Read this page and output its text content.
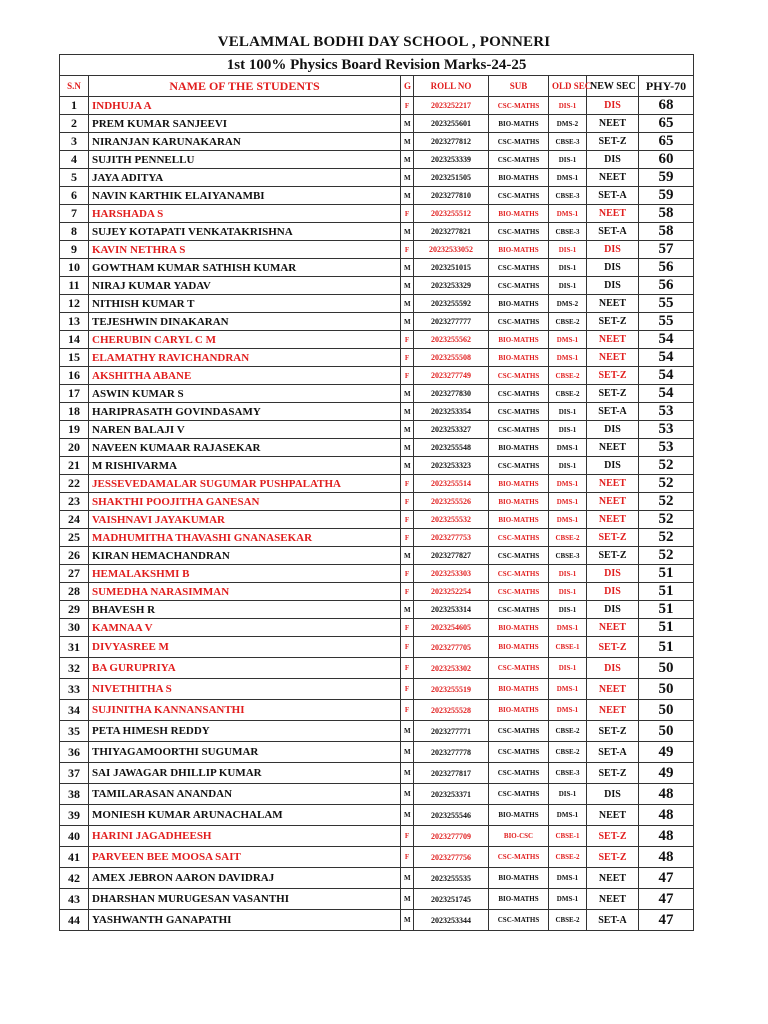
VELAMMAL BODHI DAY SCHOOL , PONNERI
1st 100% Physics Board Revision Marks-24-25							
S.N	NAME OF THE STUDENTS	G	ROLL NO	SUB	OLD SEC	NEW SEC	PHY-70
1	INDHUJA A	F	2023252217	CSC-MATHS	DIS-1	DIS	68
2	PREM KUMAR SANJEEVI	M	2023255601	BIO-MATHS	DMS-2	NEET	65
3	NIRANJAN KARUNAKARAN	M	2023277812	CSC-MATHS	CBSE-3	SET-Z	65
4	SUJITH PENNELLU	M	2023253339	CSC-MATHS	DIS-1	DIS	60
5	JAYA ADITYA	M	2023251505	BIO-MATHS	DMS-1	NEET	59
6	NAVIN KARTHIK ELAIYANAMBI	M	2023277810	CSC-MATHS	CBSE-3	SET-A	59
7	HARSHADA S	F	2023255512	BIO-MATHS	DMS-1	NEET	58
8	SUJEY KOTAPATI VENKATAKRISHNA	M	2023277821	CSC-MATHS	CBSE-3	SET-A	58
9	KAVIN NETHRA S	F	20232533052	BIO-MATHS	DIS-1	DIS	57
10	GOWTHAM KUMAR SATHISH KUMAR	M	2023251015	CSC-MATHS	DIS-1	DIS	56
11	NIRAJ KUMAR YADAV	M	2023253329	CSC-MATHS	DIS-1	DIS	56
12	NITHISH KUMAR T	M	2023255592	BIO-MATHS	DMS-2	NEET	55
13	TEJESHWIN DINAKARAN	M	2023277777	CSC-MATHS	CBSE-2	SET-Z	55
14	CHERUBIN CARYL C M	F	2023255562	BIO-MATHS	DMS-1	NEET	54
15	ELAMATHY RAVICHANDRAN	F	2023255508	BIO-MATHS	DMS-1	NEET	54
16	AKSHITHA ABANE	F	2023277749	CSC-MATHS	CBSE-2	SET-Z	54
17	ASWIN KUMAR S	M	2023277830	CSC-MATHS	CBSE-2	SET-Z	54
18	HARIPRASATH GOVINDASAMY	M	2023253354	CSC-MATHS	DIS-1	SET-A	53
19	NAREN BALAJI V	M	2023253327	CSC-MATHS	DIS-1	DIS	53
20	NAVEEN KUMAAR RAJASEKAR	M	2023255548	BIO-MATHS	DMS-1	NEET	53
21	M RISHIVARMA	M	2023253323	CSC-MATHS	DIS-1	DIS	52
22	JESSEVEDAMALAR SUGUMAR PUSHPALATHA	F	2023255514	BIO-MATHS	DMS-1	NEET	52
23	SHAKTHI POOJITHA GANESAN	F	2023255526	BIO-MATHS	DMS-1	NEET	52
24	VAISHNAVI JAYAKUMAR	F	2023255532	BIO-MATHS	DMS-1	NEET	52
25	MADHUMITHA THAVASHI GNANASEKAR	F	2023277753	CSC-MATHS	CBSE-2	SET-Z	52
26	KIRAN HEMACHANDRAN	M	2023277827	CSC-MATHS	CBSE-3	SET-Z	52
27	HEMALAKSHMI B	F	2023253303	CSC-MATHS	DIS-1	DIS	51
28	SUMEDHA NARASIMMAN	F	2023252254	CSC-MATHS	DIS-1	DIS	51
29	BHAVESH R	M	2023253314	CSC-MATHS	DIS-1	DIS	51
30	KAMNAA V	F	2023254605	BIO-MATHS	DMS-1	NEET	51
31	DIVYASREE M	F	2023277705	BIO-MATHS	CBSE-1	SET-Z	51
32	BA GURUPRIYA	F	2023253302	CSC-MATHS	DIS-1	DIS	50
33	NIVETHITHA S	F	2023255519	BIO-MATHS	DMS-1	NEET	50
34	SUJINITHA KANNANSANTHI	F	2023255528	BIO-MATHS	DMS-1	NEET	50
35	PETA HIMESH REDDY	M	2023277771	CSC-MATHS	CBSE-2	SET-Z	50
36	THIYAGAMOORTHI SUGUMAR	M	2023277778	CSC-MATHS	CBSE-2	SET-A	49
37	SAI JAWAGAR DHILLIP KUMAR	M	2023277817	CSC-MATHS	CBSE-3	SET-Z	49
38	TAMILARASAN ANANDAN	M	2023253371	CSC-MATHS	DIS-1	DIS	48
39	MONIESH KUMAR ARUNACHALAM	M	2023255546	BIO-MATHS	DMS-1	NEET	48
40	HARINI JAGADHEESH	F	2023277709	BIO-CSC	CBSE-1	SET-Z	48
41	PARVEEN BEE MOOSA SAIT	F	2023277756	CSC-MATHS	CBSE-2	SET-Z	48
42	AMEX JEBRON AARON DAVIDRAJ	M	2023255535	BIO-MATHS	DMS-1	NEET	47
43	DHARSHAN MURUGESAN VASANTHI	M	2023251745	BIO-MATHS	DMS-1	NEET	47
44	YASHWANTH GANAPATHI	M	2023253344	CSC-MATHS	CBSE-2	SET-A	47
